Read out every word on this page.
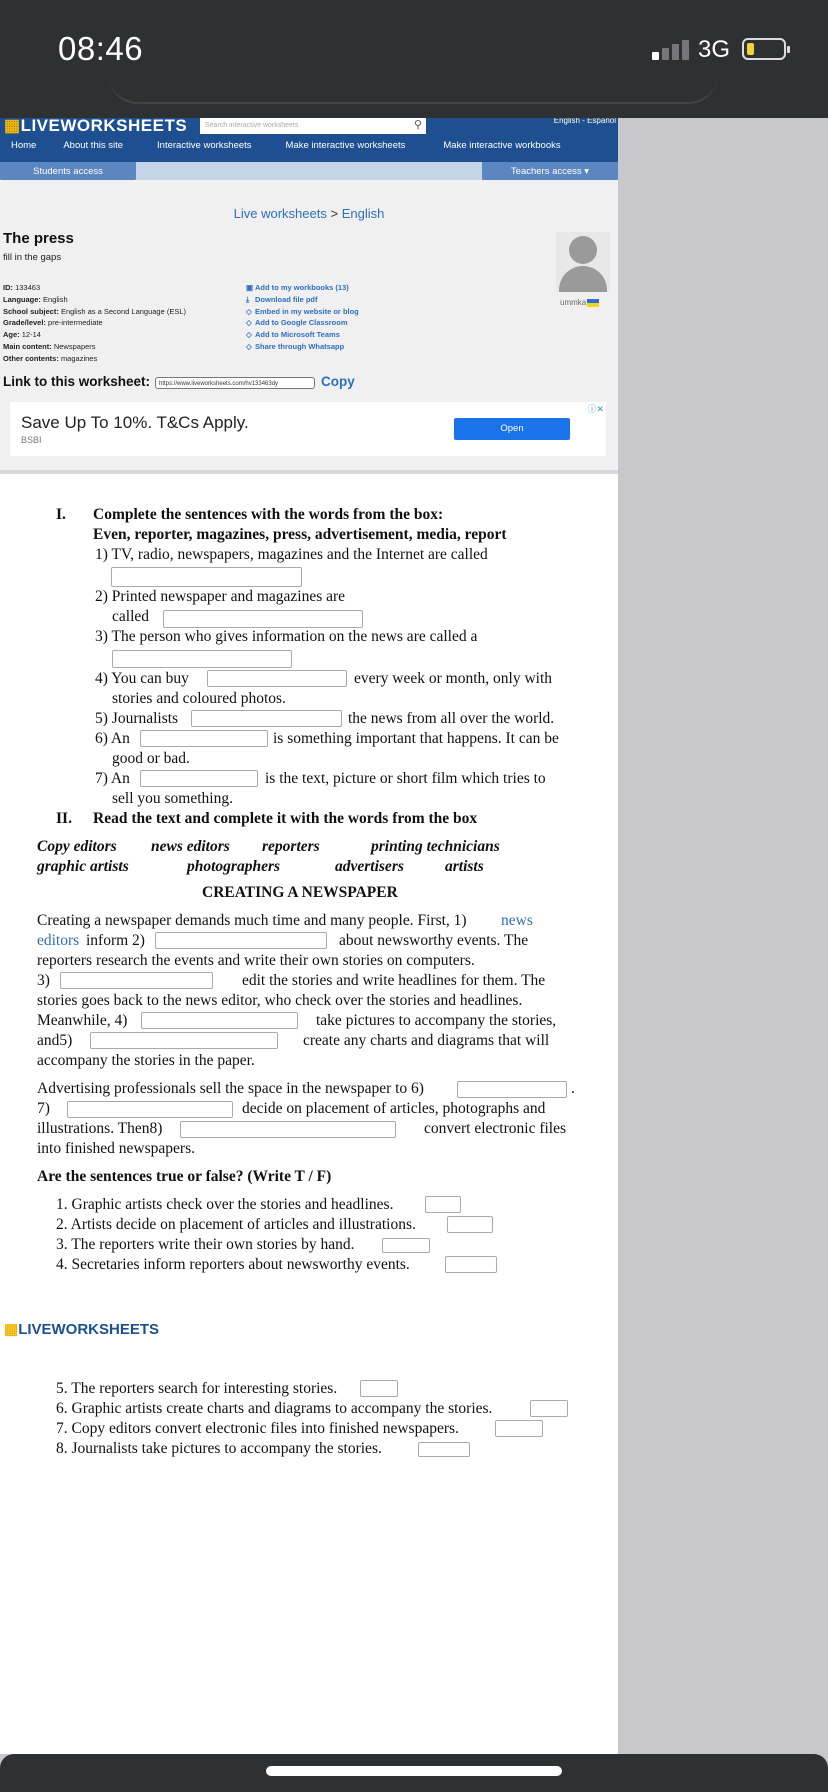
08:46	3G
▦LIVEWORKSHEETS	Search interactive worksheets	⚲	English - Español
Home	About this site	Interactive worksheets	Make interactive worksheets	Make interactive workbooks
Students access	Teachers access ▾
Live worksheets > English
The press
fill in the gaps
ID: 133463
Language: English
School subject: English as a Second Language (ESL)
Grade/level: pre-intermediate
Age: 12-14
Main content: Newspapers
Other contents: magazines
▣ Add to my workbooks (13)
⤓ Download file pdf
◇ Embed in my website or blog
◇ Add to Google Classroom
◇ Add to Microsoft Teams
◇ Share through Whatsapp
ummka
Link to this worksheet:	https://www.liveworksheets.com/hv133463dy	Copy
Save Up To 10%. T&Cs Apply.
BSBI
Open
ⓘ✕
I. Complete the sentences with the words from the box:
Even, reporter, magazines, press, advertisement, media, report
1) TV, radio, newspapers, magazines and the Internet are called
2) Printed newspaper and magazines are
called
3) The person who gives information on the news are called a
4) You can buy	every week or month, only with
stories and coloured photos.
5) Journalists	the news from all over the world.
6) An	is something important that happens. It can be
good or bad.
7) An	is the text, picture or short film which tries to
sell you something.
II. Read the text and complete it with the words from the box
Copy editors news editors reporters	printing technicians
graphic artists	photographers	advertisers	artists
CREATING A NEWSPAPER
Creating a newspaper demands much time and many people. First, 1) news
editors inform 2)	about newsworthy events. The
reporters research the events and write their own stories on computers.
3)	edit the stories and write headlines for them. The
stories goes back to the news editor, who check over the stories and headlines.
Meanwhile, 4)	take pictures to accompany the stories,
and5)	create any charts and diagrams that will
accompany the stories in the paper.
Advertising professionals sell the space in the newspaper to 6)	.
7)	decide on placement of articles, photographs and
illustrations. Then8)	convert electronic files
into finished newspapers.
Are the sentences true or false? (Write T / F)
1. Graphic artists check over the stories and headlines.
2. Artists decide on placement of articles and illustrations.
3. The reporters write their own stories by hand.
4. Secretaries inform reporters about newsworthy events.
▦LIVEWORKSHEETS
5. The reporters search for interesting stories.
6. Graphic artists create charts and diagrams to accompany the stories.
7. Copy editors convert electronic files into finished newspapers.
8. Journalists take pictures to accompany the stories.
